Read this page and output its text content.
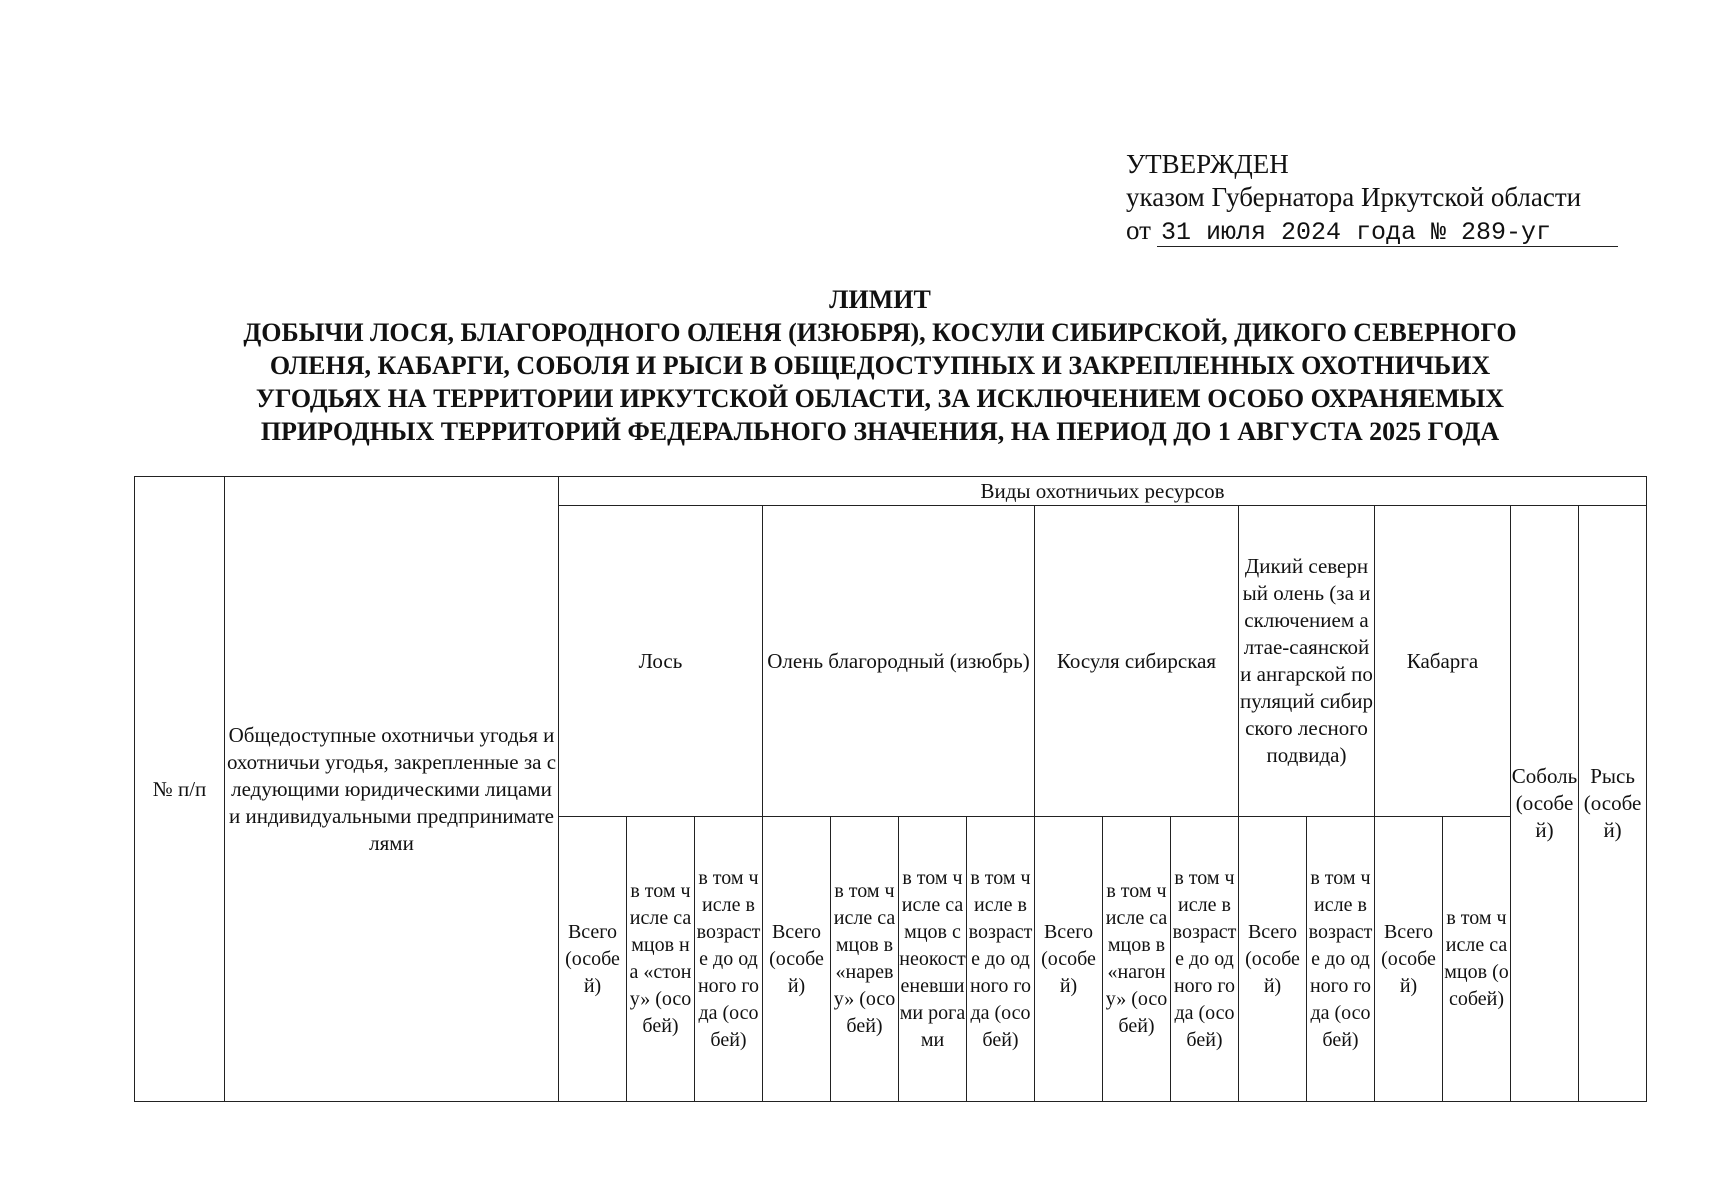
УТВЕРЖДЕН
указом Губернатора Иркутской области
от 31 июля 2024 года № 289-уг
ЛИМИТ
ДОБЫЧИ ЛОСЯ, БЛАГОРОДНОГО ОЛЕНЯ (ИЗЮБРЯ), КОСУЛИ СИБИРСКОЙ, ДИКОГО СЕВЕРНОГО
ОЛЕНЯ, КАБАРГИ, СОБОЛЯ И РЫСИ В ОБЩЕДОСТУПНЫХ И ЗАКРЕПЛЕННЫХ ОХОТНИЧЬИХ
УГОДЬЯХ НА ТЕРРИТОРИИ ИРКУТСКОЙ ОБЛАСТИ, ЗА ИСКЛЮЧЕНИЕМ ОСОБО ОХРАНЯЕМЫХ
ПРИРОДНЫХ ТЕРРИТОРИЙ ФЕДЕРАЛЬНОГО ЗНАЧЕНИЯ, НА ПЕРИОД ДО 1 АВГУСТА 2025 ГОДА
№ п/п	Общедоступные охотничьи угодья и охотничьи угодья, закрепленные за следующими юридическими лицами и индивидуальными предпринимателями	Виды охотничьих ресурсов															
		Лось			Олень благородный (изюбрь)				Косуля сибирская			Дикий северный олень (за исключением алтае-саянской и ангарской популяций сибирского лесного подвида)		Кабарга		Соболь (особей)	Рысь (особей)
		Всего (особей)	в том числе самцов на «стону» (особей)	в том числе в возрасте до одного года (особей)	Всего (особей)	в том числе самцов в «нареву» (особей)	в том числе самцов с неокостеневшими рогами	в том числе в возрасте до одного года (особей)	Всего (особей)	в том числе самцов в «нагону» (особей)	в том числе в возрасте до одного года (особей)	Всего (особей)	в том числе в возрасте до одного года (особей)	Всего (особей)	в том числе самцов (особей)		
